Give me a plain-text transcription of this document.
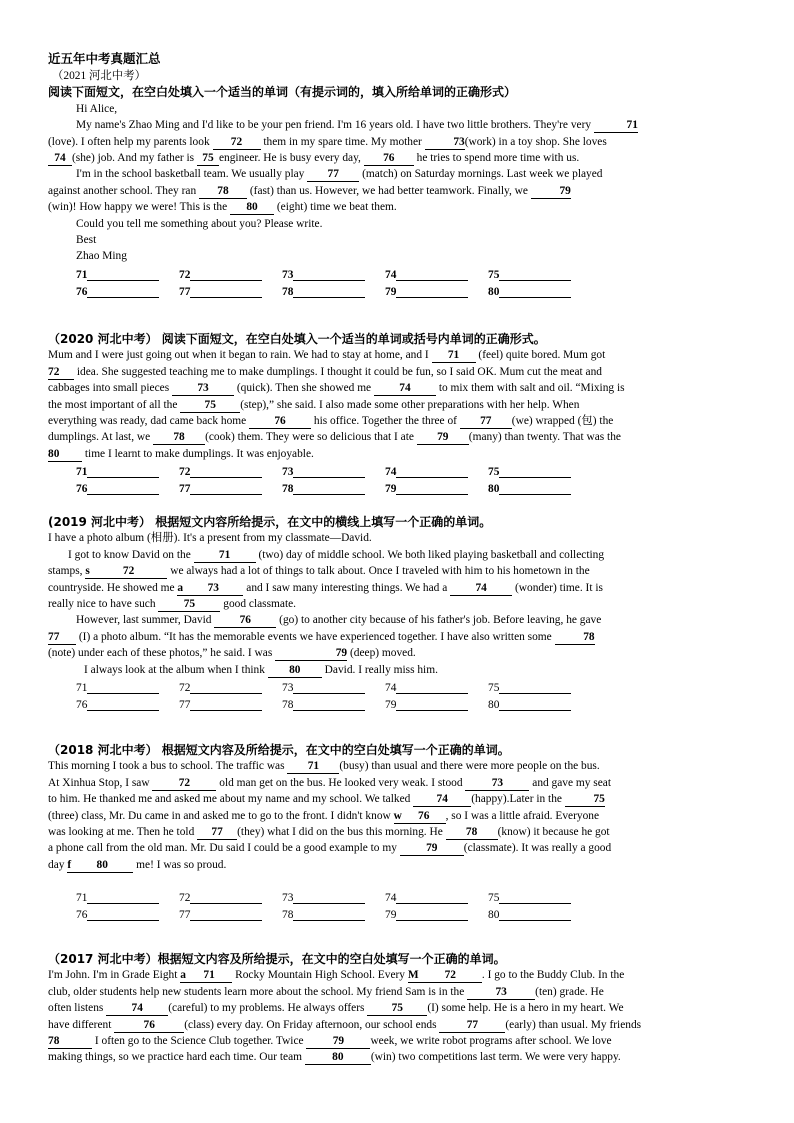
近五年中考真题汇总
（2021 河北中考）
阅读下面短文，在空白处填入一个适当的单词（有提示词的，填入所给单词的正确形式）
Hi Alice,
My name's Zhao Ming and I'd like to be your pen friend. I'm 16 years old. I have two little brothers. They're very	71
(love). I often help my parents look 72 them in my spare time. My mother	73(work) in a toy shop. She loves
74 (she) job. And my father is 75 engineer. He is busy every day, 76 he tries to spend more time with us.
I'm in the school basketball team. We usually play 77 (match) on Saturday mornings. Last week we played
against another school. They ran 78 (fast) than us. However, we had better teamwork. Finally, we	79
(win)! How happy we were! This is the 80 (eight) time we beat them.
Could you tell me something about you? Please write.
Best
Zhao Ming
71	72	73	74	75
76	77	78	79	80
（2020 河北中考） 阅读下面短文，在空白处填入一个适当的单词或括号内单词的正确形式。
Mum and I were just going out when it began to rain. We had to stay at home, and I 71 (feel) quite bored. Mum got
72 idea. She suggested teaching me to make dumplings. I thought it could be fun, so I said OK. Mum cut the meat and
cabbages into small pieces 73 (quick). Then she showed me 74 to mix them with salt and oil. “Mixing is
the most important of all the 75 (step),” she said. I also made some other preparations with her help. When
everything was ready, dad came back home 76 his office. Together the three of 77 (we) wrapped (包) the
dumplings. At last, we 78 (cook) them. They were so delicious that I ate 79 (many) than twenty. That was the
80 time I learnt to make dumplings. It was enjoyable.
71	72	73	74	75
76	77	78	79	80
(2019 河北中考） 根据短文内容所给提示，在文中的横线上填写一个正确的单词。
I have a photo album (相册). It's a present from my classmate—David.
I got to know David on the 71 (two) day of middle school. We both liked playing basketball and collecting
stamps, s	72	we always had a lot of things to talk about. Once I traveled with him to his hometown in the
countryside. He showed me a 73 and I saw many interesting things. We had a 74 (wonder) time. It is
really nice to have such 75 good classmate.
However, last summer, David 76 (go) to another city because of his father's job. Before leaving, he gave
77 (I) a photo album. “It has the memorable events we have experienced together. I have also written some	78
(note) under each of these photos,” he said. I was	79 (deep) moved.
I always look at the album when I think 80 David. I really miss him.
71	72	73	74	75
76	77	78	79	80
（2018 河北中考） 根据短文内容及所给提示，在文中的空白处填写一个正确的单词。
This morning I took a bus to school. The traffic was 71 (busy) than usual and there were more people on the bus.
At Xinhua Stop, I saw	72	old man get on the bus. He looked very weak. I stood	73	and gave my seat
to him. He thanked me and asked me about my name and my school. We talked 74 (happy).Later in the	75
(three) class, Mr. Du came in and asked me to go to the front. I didn't know w 76 , so I was a little afraid. Everyone
was looking at me. Then he told 77 (they) what I did on the bus this morning. He 78 (know) it because he got
a phone call from the old man. Mr. Du said I could be a good example to my	79 (classmate). It was really a good
day f 80 me! I was so proud.
71	72	73	74	75
76	77	78	79	80
（2017 河北中考）根据短文内容及所给提示，在文中的空白处填写一个正确的单词。
I'm John. I'm in Grade Eight a 71 Rocky Mountain High School. Every M 72 . I go to the Buddy Club. In the
club, older students help new students learn more about the school. My friend Sam is in the	73 (ten) grade. He
often listens 74 (careful) to my problems. He always offers 75 (I) some help. He is a hero in my heart. We
have different	76	(class) every day. On Friday afternoon, our school ends	77 (early) than usual. My friends
78	I often go to the Science Club together. Twice	79 week, we write robot programs after school. We love
making things, so we practice hard each time. Our team	80 (win) two competitions last term. We were very happy.
